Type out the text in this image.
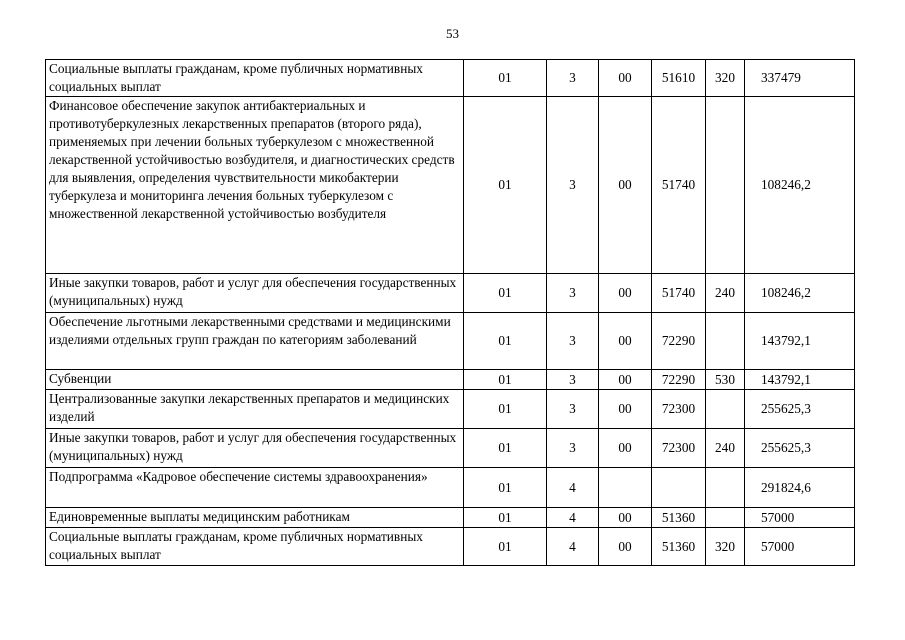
53
Социальные выплаты гражданам, кроме публичных нормативных социальных выплат	01	3	00	51610	320	337479
Финансовое обеспечение закупок антибактериальных и противотуберкулезных лекарственных препаратов (второго ряда), применяемых при лечении больных туберкулезом с множественной лекарственной устойчивостью возбудителя, и диагностических средств для выявления, определения чувствительности микобактерии туберкулеза и мониторинга лечения больных туберкулезом с множественной лекарственной устойчивостью возбудителя	01	3	00	51740		108246,2
Иные закупки товаров, работ и услуг для обеспечения государственных (муниципальных) нужд	01	3	00	51740	240	108246,2
Обеспечение льготными лекарственными средствами и медицинскими изделиями отдельных групп граждан по категориям заболеваний	01	3	00	72290		143792,1
Субвенции	01	3	00	72290	530	143792,1
Централизованные закупки лекарственных препаратов и медицинских изделий	01	3	00	72300		255625,3
Иные закупки товаров, работ и услуг для обеспечения государственных (муниципальных) нужд	01	3	00	72300	240	255625,3
Подпрограмма «Кадровое обеспечение системы здравоохранения»	01	4				291824,6
Единовременные выплаты медицинским работникам	01	4	00	51360		57000
Социальные выплаты гражданам, кроме публичных нормативных социальных выплат	01	4	00	51360	320	57000
